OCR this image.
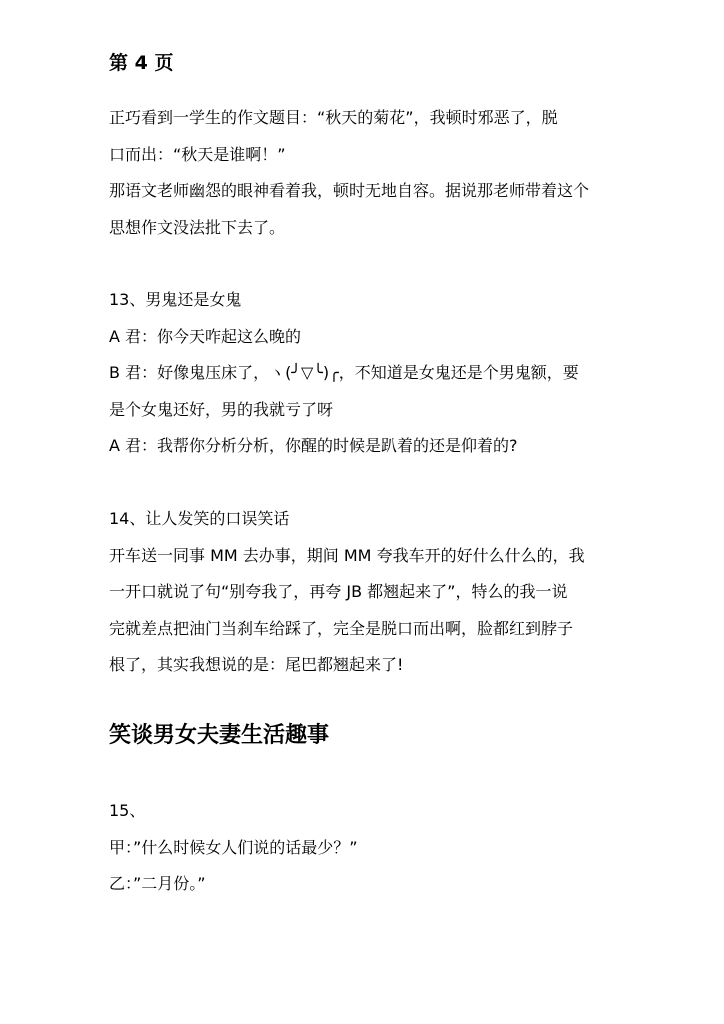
第 4 页
正巧看到一学生的作文题目：“秋天的菊花”，我顿时邪恶了，脱
口而出：“秋天是谁啊！”
那语文老师幽怨的眼神看着我，顿时无地自容。据说那老师带着这个
思想作文没法批下去了。
13、男鬼还是女鬼
A 君：你今天咋起这么晚的
B 君：好像鬼压床了，ヽ(╯▽╰)╭，不知道是女鬼还是个男鬼额，要
是个女鬼还好，男的我就亏了呀
A 君：我帮你分析分析，你醒的时候是趴着的还是仰着的?
14、让人发笑的口误笑话
开车送一同事 MM 去办事，期间 MM 夸我车开的好什么什么的，我
一开口就说了句“别夸我了，再夸 JB 都翘起来了”，特么的我一说
完就差点把油门当刹车给踩了，完全是脱口而出啊，脸都红到脖子
根了，其实我想说的是：尾巴都翘起来了!
笑谈男女夫妻生活趣事
15、
甲：”什么时候女人们说的话最少？”
乙：”二月份。”
